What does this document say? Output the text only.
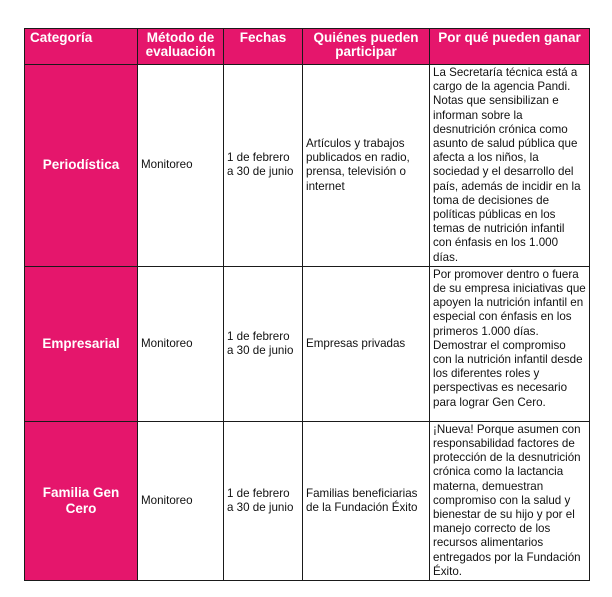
Categoría	Método de evaluación	Fechas	Quiénes pueden participar	Por qué pueden ganar
Periodística	Monitoreo	1 de febrero a 30 de junio	Artículos y trabajos publicados en radio, prensa, televisión o internet	La Secretaría técnica está a cargo de la agencia Pandi. Notas que sensibilizan e informan sobre la desnutrición crónica como asunto de salud pública que afecta a los niños, la sociedad y el desarrollo del país, además de incidir en la toma de decisiones de políticas públicas en los temas de nutrición infantil con énfasis en los 1.000 días.
Empresarial	Monitoreo	1 de febrero a 30 de junio	Empresas privadas	Por promover dentro o fuera de su empresa iniciativas que apoyen la nutrición infantil en especial con énfasis en los primeros 1.000 días. Demostrar el compromiso con la nutrición infantil desde los diferentes roles y perspectivas es necesario para lograr Gen Cero.
Familia Gen Cero	Monitoreo	1 de febrero a 30 de junio	Familias beneficiarias de la Fundación Éxito	¡Nueva! Porque asumen con responsabilidad factores de protección de la desnutrición crónica como la lactancia materna, demuestran compromiso con la salud y bienestar de su hijo y por el manejo correcto de los recursos alimentarios entregados por la Fundación Éxito.
